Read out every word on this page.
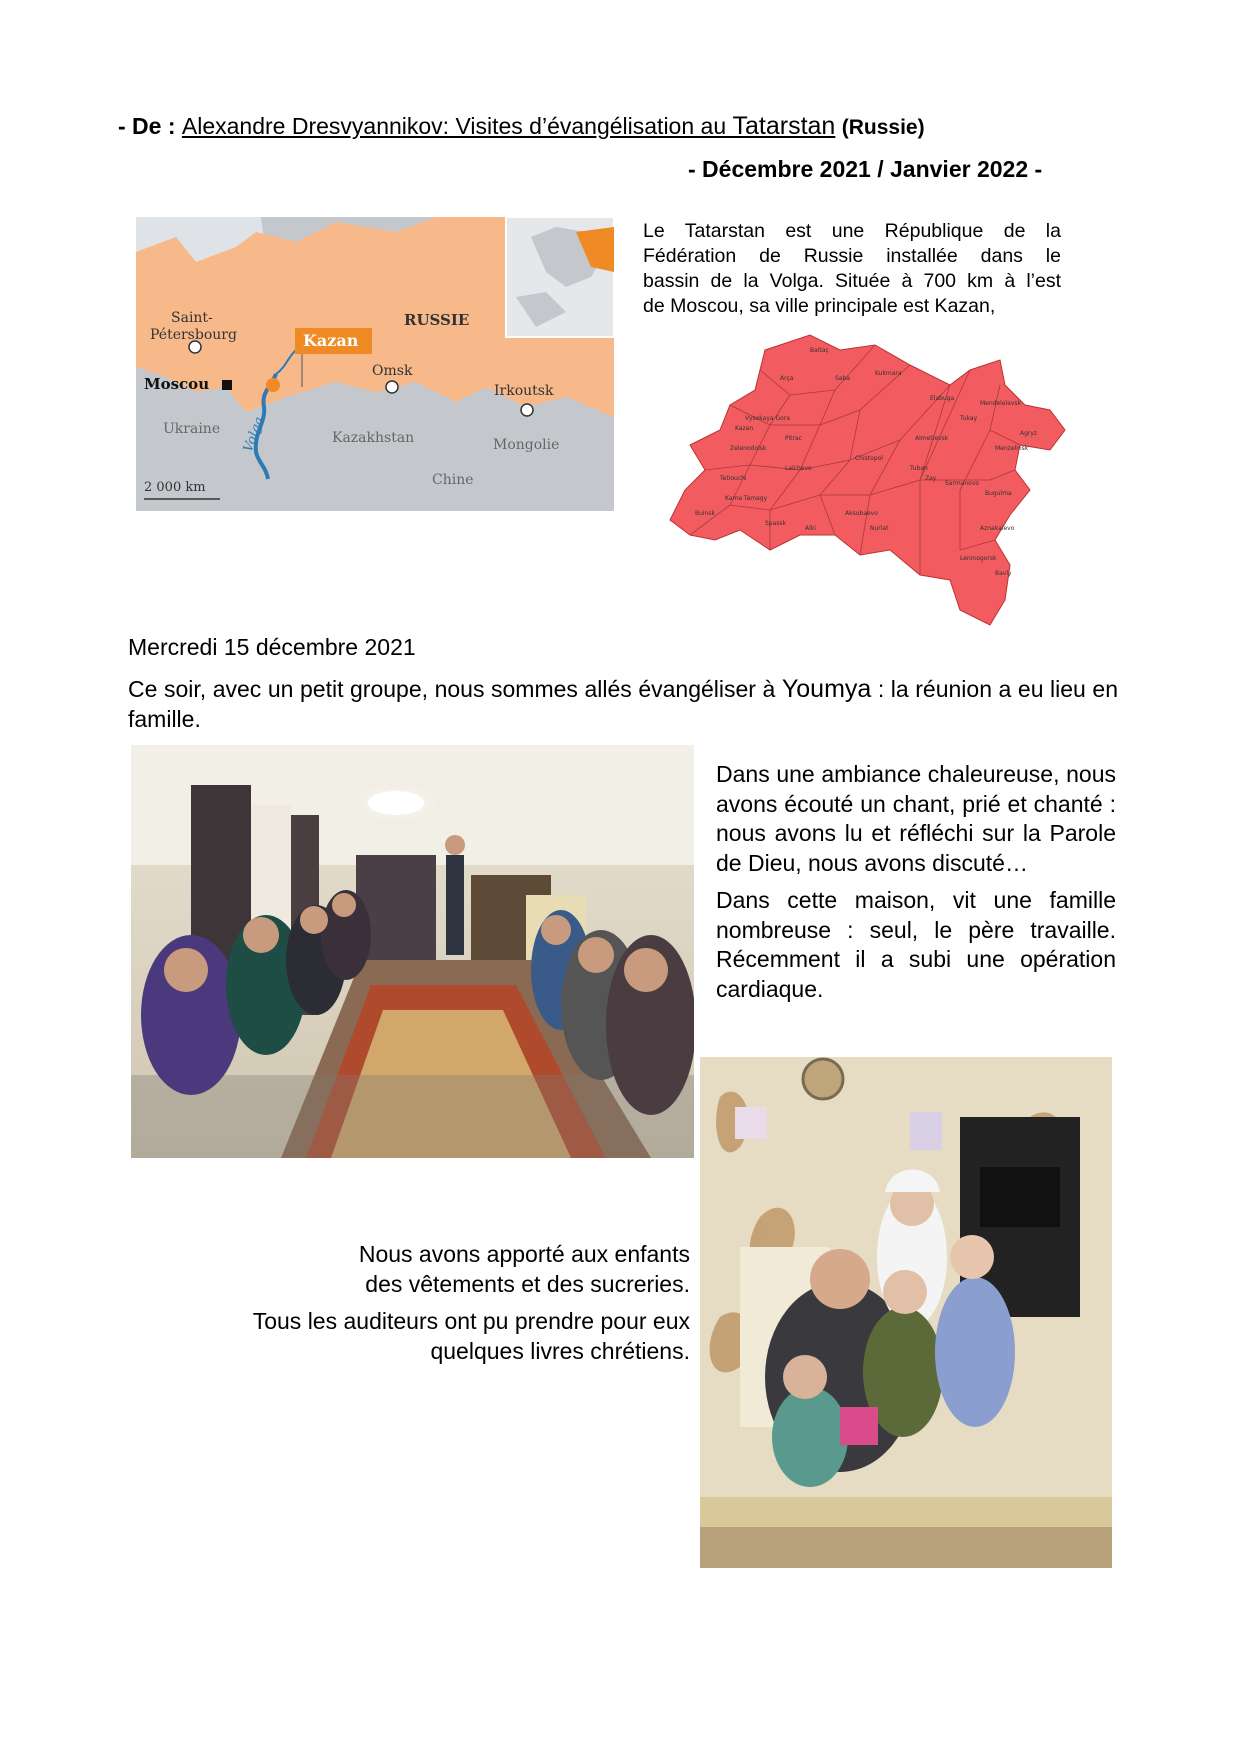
- De : Alexandre Dresvyannikov: Visites d’évangélisation au Tatarstan (Russie)
- Décembre 2021 / Janvier 2022 -
Saint-
Pétersbourg	Kazan
RUSSIE
Omsk
Irkoutsk
Moscou
Ukraine Volga	Kazakhstan	Mongolie
Chine
2 000 km
Le Tatarstan est une République de la
Fédération de Russie installée dans le
bassin de la Volga. Située à 700 km à l’est
de Moscou, sa ville principale est Kazan,
Baltaç
Arça	Saba
Kukmara
Vysokaya Gora
Zelenodolsk
Pitrac
Laïchevo
Tukay
Agryz
Mendeleïevsk
Almetievsk
Bugulma
Aznakaïevo
Bavly
Spassk
Nurlat
Tetiouchi
Kazan
Chistopol
Aksubaevo
Sarmanovo
Menzelinsk
Elabuga
Tuban
Zay
Kama Tamagy
Buinsk
Alki
Leninogorsk
Mercredi 15 décembre 2021
Ce soir, avec un petit groupe, nous sommes allés évangéliser à Youmya : la réunion a eu lieu en famille.

Dans une ambiance chaleureuse, nous avons écouté un chant, prié et chanté : nous avons lu et réfléchi sur la Parole de Dieu, nous avons discuté…

Dans cette maison, vit une famille nombreuse : seul, le père travaille. Récemment il a subi une opération cardiaque.

Nous avons apporté aux enfants
des vêtements et des sucreries.

Tous les auditeurs ont pu prendre pour eux
quelques livres chrétiens.
